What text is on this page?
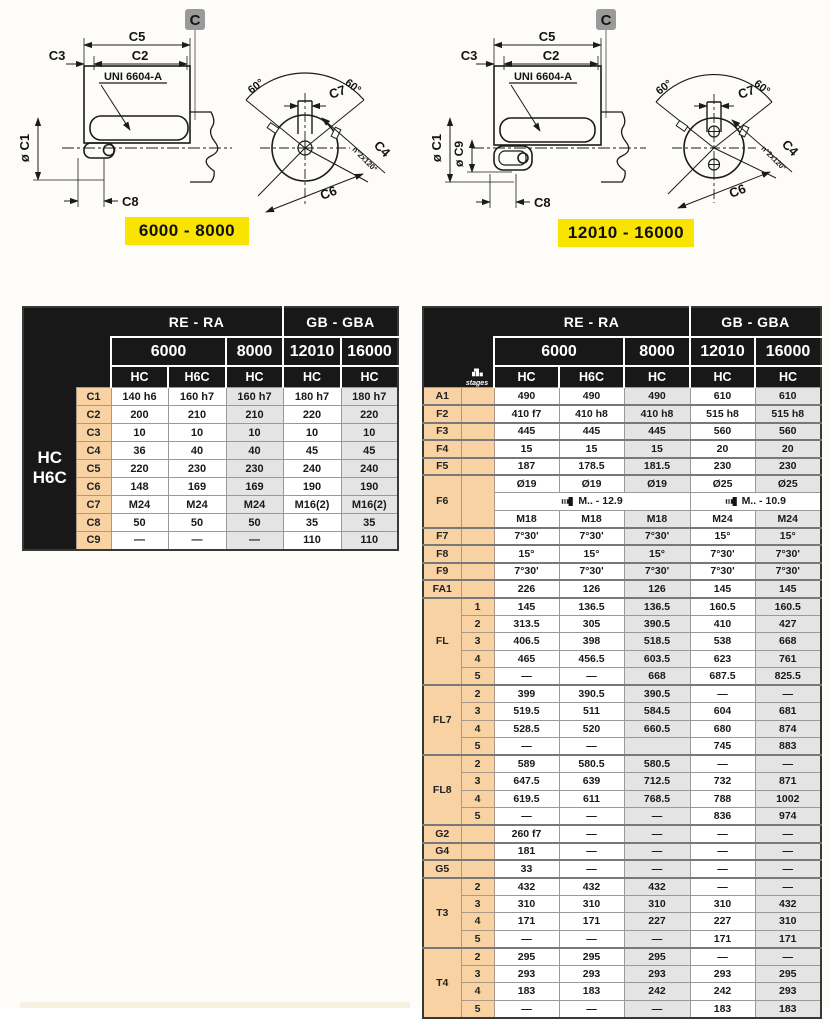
C
C5
C2
C3
UNI 6604-A
ø C1
C8
60°	60°
C7
C4
n°2x120°
C6
C
C5
C2
C3
UNI 6604-A
ø C1 ø C9
C8
60°	60°
C7
C4
n°2x120°
C6
6000 - 8000	12010 - 16000
		RE - RA			GB - GBA	
		6000		8000	12010	16000
		HC	H6C	HC	HC	HC

HC
H6C	C1	140 h6	160 h7	160 h7	180 h7	180 h7
	C2	200	210	210	220	220
	C3	10	10	10	10	10
	C4	36	40	40	45	45
	C5	220	230	230	240	240
	C6	148	169	169	190	190
	C7	M24	M24	M24	M16(2)	M16(2)
	C8	50	50	50	35	35
	C9	—	—	—	110	110
		RE - RA			GB - GBA	
		6000		8000	12010	16000

	stages	HC	H6C	HC	HC	HC
A1		490	490	490	610	610
F2		410 f7	410 h8	410 h8	515 h8	515 h8
F3		445	445	445	560	560
F4		15	15	15	20	20
F5		187	178.5	181.5	230	230
F6		Ø19	Ø19	Ø19	Ø25	Ø25
		M.. - 12.9			M.. - 10.9	
		M18	M18	M18	M24	M24
F7		7°30'	7°30'	7°30'	15°	15°
F8		15°	15°	15°	7°30'	7°30'
F9		7°30'	7°30'	7°30'	7°30'	7°30'
FA1		226	126	126	145	145
FL	1	145	136.5	136.5	160.5	160.5
	2	313.5	305	390.5	410	427
	3	406.5	398	518.5	538	668
	4	465	456.5	603.5	623	761
	5	—	—	668	687.5	825.5
FL7	2	399	390.5	390.5	—	—
	3	519.5	511	584.5	604	681
	4	528.5	520	660.5	680	874
	5	—	—		745	883
FL8	2	589	580.5	580.5	—	—
	3	647.5	639	712.5	732	871
	4	619.5	611	768.5	788	1002
	5	—	—	—	836	974
G2		260 f7	—	—	—	—
G4		181	—	—	—	—
G5		33	—	—	—	—
T3	2	432	432	432	—	—
	3	310	310	310	310	432
	4	171	171	227	227	310
	5	—	—	—	171	171
T4	2	295	295	295	—	—
	3	293	293	293	293	295
	4	183	183	242	242	293
	5	—	—	—	183	183
